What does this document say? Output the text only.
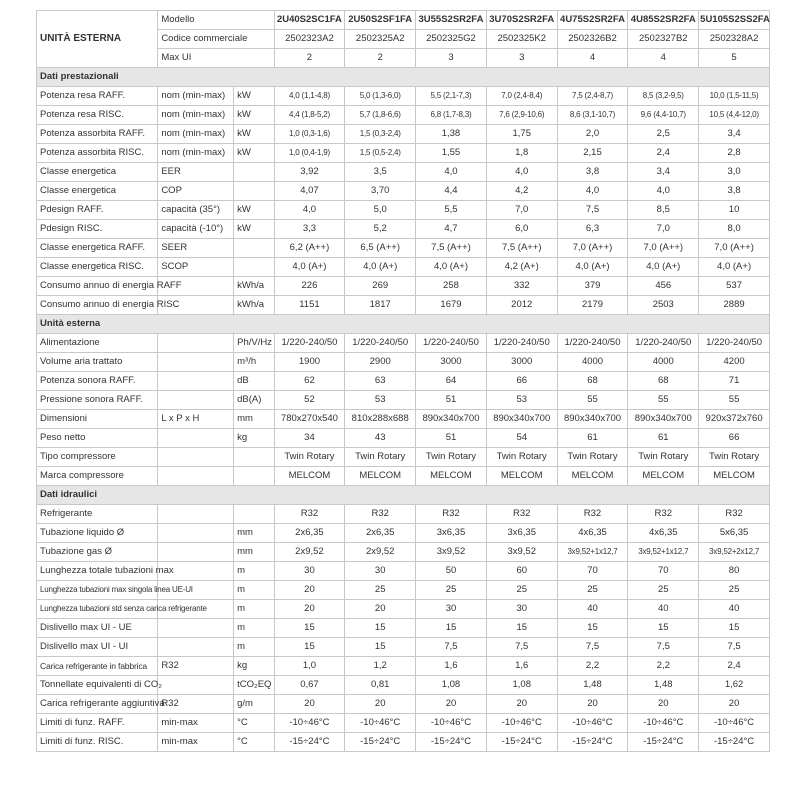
UNITÀ ESTERNA	Modello		2U40S2SC1FA	2U50S2SF1FA	3U55S2SR2FA	3U70S2SR2FA	4U75S2SR2FA	4U85S2SR2FA	5U105S2SS2FA
	Codice commerciale		2502323A2	2502325A2	2502325G2	2502325K2	2502326B2	2502327B2	2502328A2
	Max UI		2	2	3	3	4	4	5
Dati prestazionali									
Potenza resa RAFF.	nom (min-max)	kW	4,0 (1,1-4,8)	5,0 (1,3-6,0)	5,5 (2,1-7,3)	7,0 (2,4-8,4)	7,5 (2,4-8,7)	8,5 (3,2-9,5)	10,0 (1,5-11,5)
Potenza resa RISC.	nom (min-max)	kW	4,4 (1,8-5,2)	5,7 (1,8-6,6)	6,8 (1,7-8,3)	7,6 (2,9-10,6)	8,6 (3,1-10,7)	9,6 (4,4-10,7)	10,5 (4,4-12,0)
Potenza assorbita RAFF.	nom (min-max)	kW	1,0 (0,3-1,6)	1,5 (0,3-2,4)	1,38	1,75	2,0	2,5	3,4
Potenza assorbita RISC.	nom (min-max)	kW	1,0 (0,4-1,9)	1,5 (0,5-2,4)	1,55	1,8	2,15	2,4	2,8
Classe energetica	EER		3,92	3,5	4,0	4,0	3,8	3,4	3,0
Classe energetica	COP		4,07	3,70	4,4	4,2	4,0	4,0	3,8
Pdesign RAFF.	capacità (35°)	kW	4,0	5,0	5,5	7,0	7,5	8,5	10
Pdesign RISC.	capacità (-10°)	kW	3,3	5,2	4,7	6,0	6,3	7,0	8,0
Classe energetica RAFF.	SEER		6,2 (A++)	6,5 (A++)	7,5 (A++)	7,5 (A++)	7,0 (A++)	7,0 (A++)	7,0 (A++)
Classe energetica RISC.	SCOP		4,0 (A+)	4,0 (A+)	4,0 (A+)	4,2 (A+)	4,0 (A+)	4,0 (A+)	4,0 (A+)
Consumo annuo di energia RAFF		kWh/a	226	269	258	332	379	456	537
Consumo annuo di energia RISC		kWh/a	1151	1817	1679	2012	2179	2503	2889
Unità esterna									
Alimentazione		Ph/V/Hz	1/220-240/50	1/220-240/50	1/220-240/50	1/220-240/50	1/220-240/50	1/220-240/50	1/220-240/50
Volume aria trattato		m³/h	1900	2900	3000	3000	4000	4000	4200
Potenza sonora RAFF.		dB	62	63	64	66	68	68	71
Pressione sonora RAFF.		dB(A)	52	53	51	53	55	55	55
Dimensioni	L x P x H	mm	780x270x540	810x288x688	890x340x700	890x340x700	890x340x700	890x340x700	920x372x760
Peso netto		kg	34	43	51	54	61	61	66
Tipo compressore			Twin Rotary	Twin Rotary	Twin Rotary	Twin Rotary	Twin Rotary	Twin Rotary	Twin Rotary
Marca compressore			MELCOM	MELCOM	MELCOM	MELCOM	MELCOM	MELCOM	MELCOM
Dati idraulici									
Refrigerante			R32	R32	R32	R32	R32	R32	R32
Tubazione liquido Ø		mm	2x6,35	2x6,35	3x6,35	3x6,35	4x6,35	4x6,35	5x6,35
Tubazione gas Ø		mm	2x9,52	2x9,52	3x9,52	3x9,52	3x9,52+1x12,7	3x9,52+1x12,7	3x9,52+2x12,7
Lunghezza totale tubazioni max		m	30	30	50	60	70	70	80
Lunghezza tubazioni max singola linea UE-UI		m	20	25	25	25	25	25	25
Lunghezza tubazioni std senza carica refrigerante		m	20	20	30	30	40	40	40
Dislivello max UI - UE		m	15	15	15	15	15	15	15
Dislivello max UI - UI		m	15	15	7,5	7,5	7,5	7,5	7,5
Carica refrigerante in fabbrica	R32	kg	1,0	1,2	1,6	1,6	2,2	2,2	2,4
Tonnellate equivalenti di CO₂		tCO₂EQ	0,67	0,81	1,08	1,08	1,48	1,48	1,62
Carica refrigerante aggiuntiva	R32	g/m	20	20	20	20	20	20	20
Limiti di funz. RAFF.	min-max	°C	-10÷46°C	-10÷46°C	-10÷46°C	-10÷46°C	-10÷46°C	-10÷46°C	-10÷46°C
Limiti di funz. RISC.	min-max	°C	-15÷24°C	-15÷24°C	-15÷24°C	-15÷24°C	-15÷24°C	-15÷24°C	-15÷24°C
